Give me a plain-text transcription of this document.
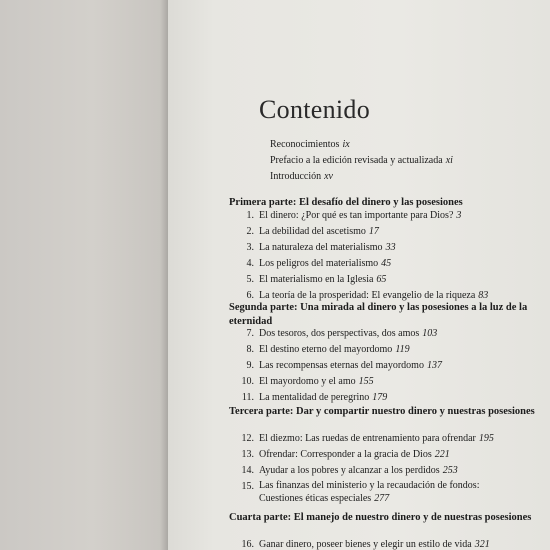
Contenido
Reconocimientos ix
Prefacio a la edición revisada y actualizada xi
Introducción xv
Primera parte: El desafío del dinero y las posesiones
1. El dinero: ¿Por qué es tan importante para Dios? 3
2. La debilidad del ascetismo 17
3. La naturaleza del materialismo 33
4. Los peligros del materialismo 45
5. El materialismo en la Iglesia 65
6. La teoría de la prosperidad: El evangelio de la riqueza 83
Segunda parte: Una mirada al dinero y las posesiones a la luz de la eternidad
7. Dos tesoros, dos perspectivas, dos amos 103
8. El destino eterno del mayordomo 119
9. Las recompensas eternas del mayordomo 137
10. El mayordomo y el amo 155
11. La mentalidad de peregrino 179
Tercera parte: Dar y compartir nuestro dinero y nuestras posesiones
12. El diezmo: Las ruedas de entrenamiento para ofrendar 195
13. Ofrendar: Corresponder a la gracia de Dios 221
14. Ayudar a los pobres y alcanzar a los perdidos 253
15. Las finanzas del ministerio y la recaudación de fondos: Cuestiones éticas especiales 277
Cuarta parte: El manejo de nuestro dinero y de nuestras posesiones
16. Ganar dinero, poseer bienes y elegir un estilo de vida 321
